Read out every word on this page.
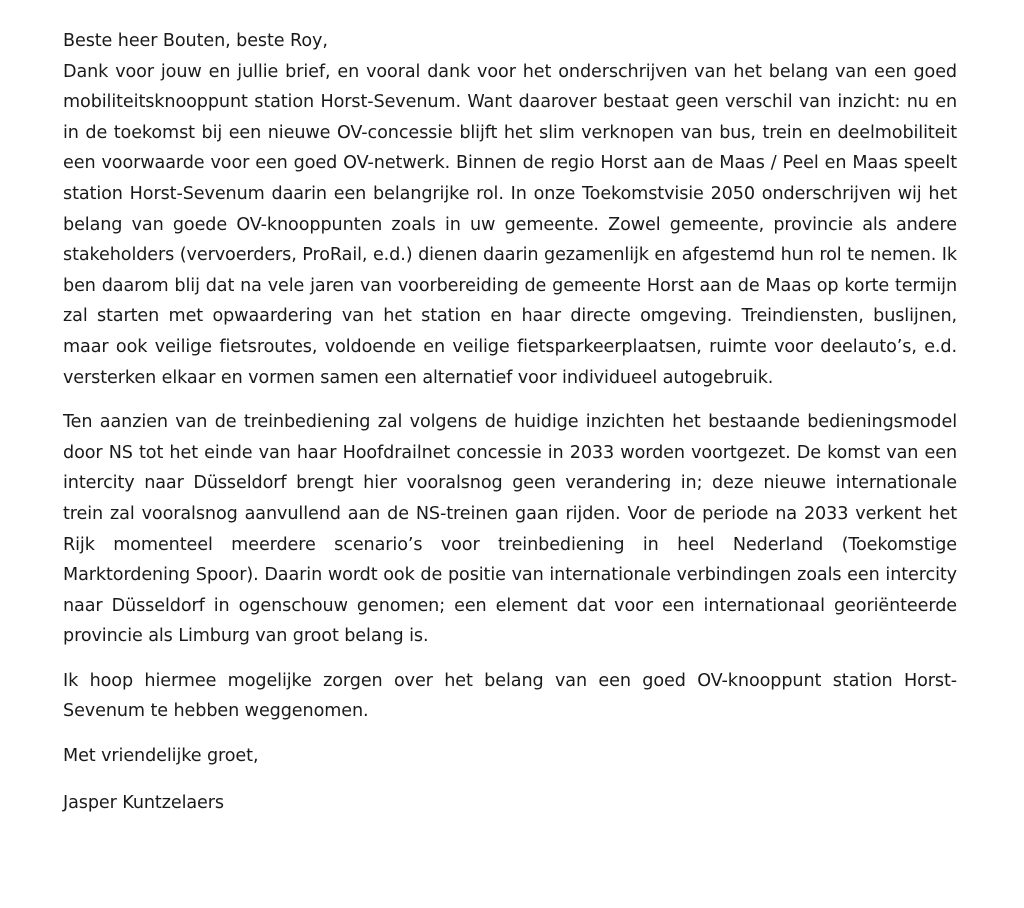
Beste heer Bouten, beste Roy,

Dank voor jouw en jullie brief, en vooral dank voor het onderschrijven van het belang van een goed mobiliteitsknooppunt station Horst-Sevenum. Want daarover bestaat geen verschil van inzicht: nu en in de toekomst bij een nieuwe OV-concessie blijft het slim verknopen van bus, trein en deelmobiliteit een voorwaarde voor een goed OV-netwerk. Binnen de regio Horst aan de Maas / Peel en Maas speelt station Horst-Sevenum daarin een belangrijke rol. In onze Toekomstvisie 2050 onderschrijven wij het belang van goede OV-knooppunten zoals in uw gemeente. Zowel gemeente, provincie als andere stakeholders (vervoerders, ProRail, e.d.) dienen daarin gezamenlijk en afgestemd hun rol te nemen. Ik ben daarom blij dat na vele jaren van voorbereiding de gemeente Horst aan de Maas op korte termijn zal starten met opwaardering van het station en haar directe omgeving. Treindiensten, buslijnen, maar ook veilige fietsroutes, voldoende en veilige fietsparkeerplaatsen, ruimte voor deelauto’s, e.d. versterken elkaar en vormen samen een alternatief voor individueel autogebruik.

Ten aanzien van de treinbediening zal volgens de huidige inzichten het bestaande bedieningsmodel door NS tot het einde van haar Hoofdrailnet concessie in 2033 worden voortgezet. De komst van een intercity naar Düsseldorf brengt hier vooralsnog geen verandering in; deze nieuwe internationale trein zal vooralsnog aanvullend aan de NS-treinen gaan rijden. Voor de periode na 2033 verkent het Rijk momenteel meerdere scenario’s voor treinbediening in heel Nederland (Toekomstige Marktordening Spoor). Daarin wordt ook de positie van internationale verbindingen zoals een intercity naar Düsseldorf in ogenschouw genomen; een element dat voor een internationaal georiënteerde provincie als Limburg van groot belang is.

Ik hoop hiermee mogelijke zorgen over het belang van een goed OV-knooppunt station Horst-Sevenum te hebben weggenomen.

Met vriendelijke groet,

Jasper Kuntzelaers
